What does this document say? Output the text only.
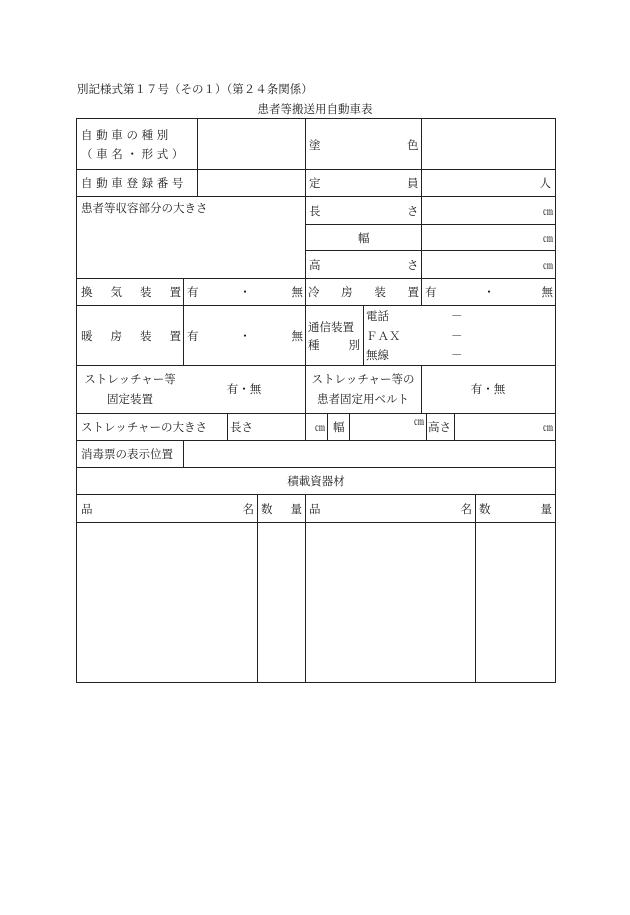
別記様式第１７号（その１）（第２４条関係）
患者等搬送用自動車表
自 動 車 の 種 別
（ 車 名 ・ 形 式 ）
塗	色
自 動 車 登 録 番 号	定	員	人
患者等収容部分の大きさ	長	さ	㎝
幅	㎝
高	さ	㎝
換 気 装 置 有	・	無 冷 房 装 置 有	・	無
暖 房 装 置 有	・	無
通信装置
種	別
電話	－
ＦＡＸ	－
無線	－
ストレッチャー等
固定装置
有・無
ストレッチャー等の
患者固定用ベルト
有・無
ストレッチャーの大きさ 長さ	㎝ 幅	㎝ 高さ	㎝
消毒票の表示位置
積載資器材
品	名 数 量 品	名 数	量
